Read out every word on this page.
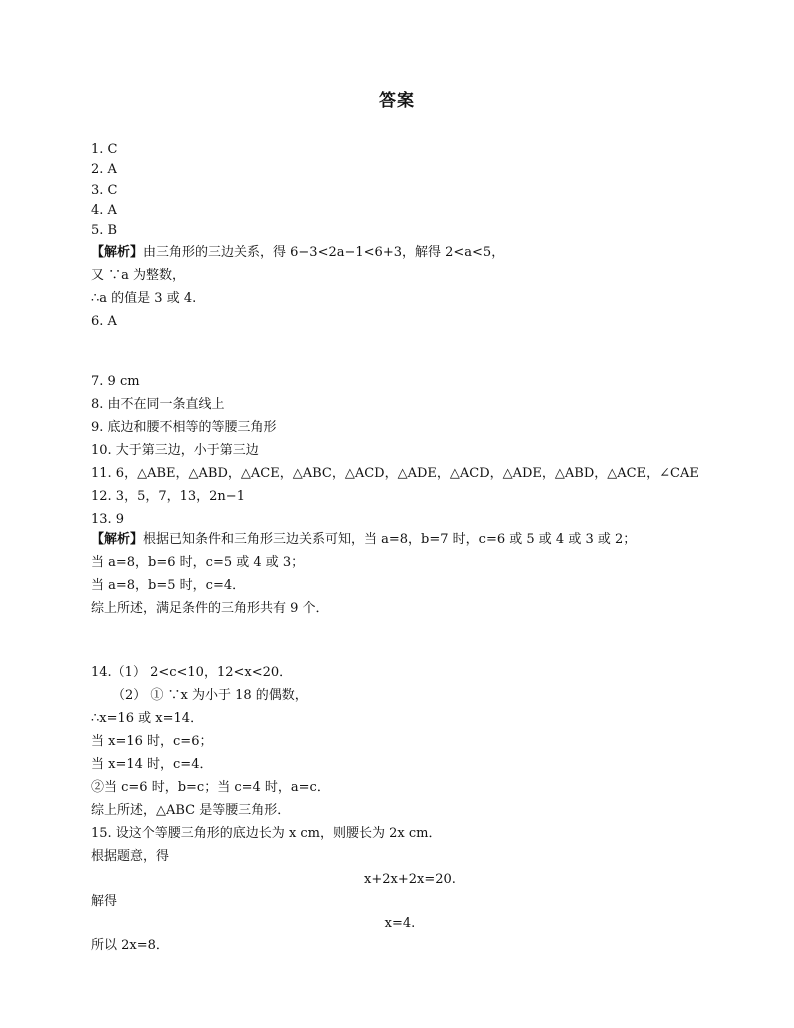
答案
1. C
2. A
3. C
4. A
5. B
【解析】由三角形的三边关系，得 6−3<2a−1<6+3，解得 2<a<5，
又 ∵a 为整数，
∴a 的值是 3 或 4.
6. A
7. 9 cm
8. 由不在同一条直线上
9. 底边和腰不相等的等腰三角形
10. 大于第三边，小于第三边
11. 6，△ABE，△ABD，△ACE，△ABC，△ACD，△ADE，△ACD，△ADE，△ABD，△ACE，∠CAE
12. 3，5，7，13，2n−1
13. 9
【解析】根据已知条件和三角形三边关系可知，当 a=8，b=7 时，c=6 或 5 或 4 或 3 或 2；
当 a=8，b=6 时，c=5 或 4 或 3；
当 a=8，b=5 时，c=4．
综上所述，满足条件的三角形共有 9 个．
14.（1） 2<c<10，12<x<20．
（2） ① ∵x 为小于 18 的偶数，
∴x=16 或 x=14．
当 x=16 时，c=6；
当 x=14 时，c=4．
②当 c=6 时，b=c；当 c=4 时，a=c．
综上所述，△ABC 是等腰三角形．
15. 设这个等腰三角形的底边长为 x cm，则腰长为 2x cm．
根据题意，得
x+2x+2x=20.
解得
x=4.
所以 2x=8．
